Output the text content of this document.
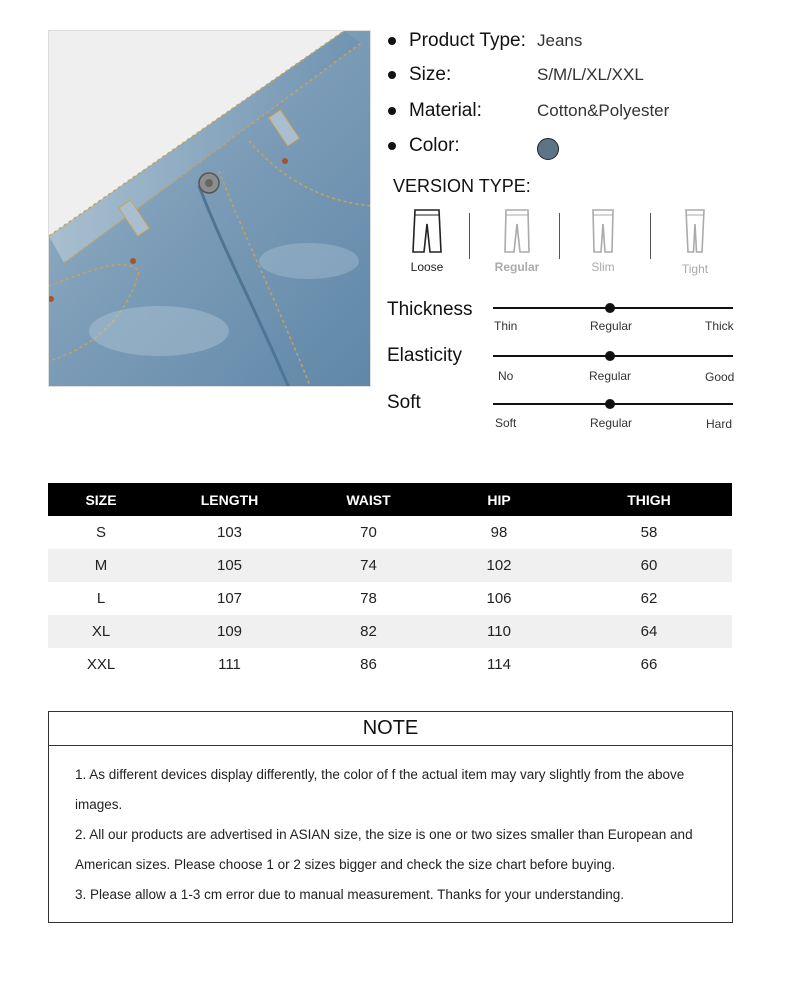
Product Type: Jeans
Size:	S/M/L/XL/XXL
Material:	Cotton&Polyester
Color:
VERSION TYPE:
Loose	Regular	Slim	Tight
Thickness
Thin	Regular	Thick
Elasticity
No	Regular	Good
Soft
Soft	Regular	Hard
SIZE	LENGTH	WAIST	HIP	THIGH
S	103	70	98	58
M	105	74	102	60
L	107	78	106	62
XL	109	82	110	64
XXL	111	86	114	66
NOTE

1. As different devices display differently, the color of f the actual item may vary slightly from the above images.

2. All our products are advertised in ASIAN size, the size is one or two sizes smaller than European and American sizes. Please choose 1 or 2 sizes bigger and check the size chart before buying.

3. Please allow a 1-3 cm error due to manual measurement. Thanks for your understanding.
